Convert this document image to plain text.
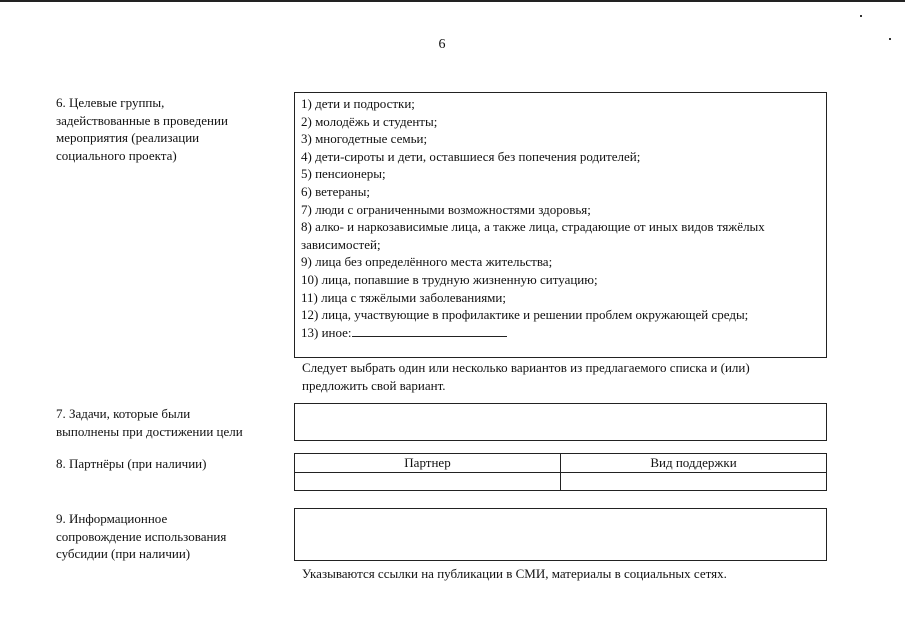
6
6. Целевые группы,
задействованные в проведении
мероприятия (реализации
социального проекта)

1) дети и подростки;

2) молодёжь и студенты;

3) многодетные семьи;

4) дети-сироты и дети, оставшиеся без попечения родителей;

5) пенсионеры;

6) ветераны;

7) люди с ограниченными возможностями здоровья;

8) алко- и наркозависимые лица, а также лица, страдающие от иных видов тяжёлых зависимостей;

9) лица без определённого места жительства;

10) лица, попавшие в трудную жизненную ситуацию;

11) лица с тяжёлыми заболеваниями;

12) лица, участвующие в профилактике и решении проблем окружающей среды;

13) иное:

Следует выбрать один или несколько вариантов из предлагаемого списка и (или) предложить свой вариант.
7. Задачи, которые были
выполнены при достижении цели
8. Партнёры (при наличии)	Партнер	Вид поддержки

9. Информационное
сопровождение использования
субсидии (при наличии)
Указываются ссылки на публикации в СМИ, материалы в социальных сетях.
